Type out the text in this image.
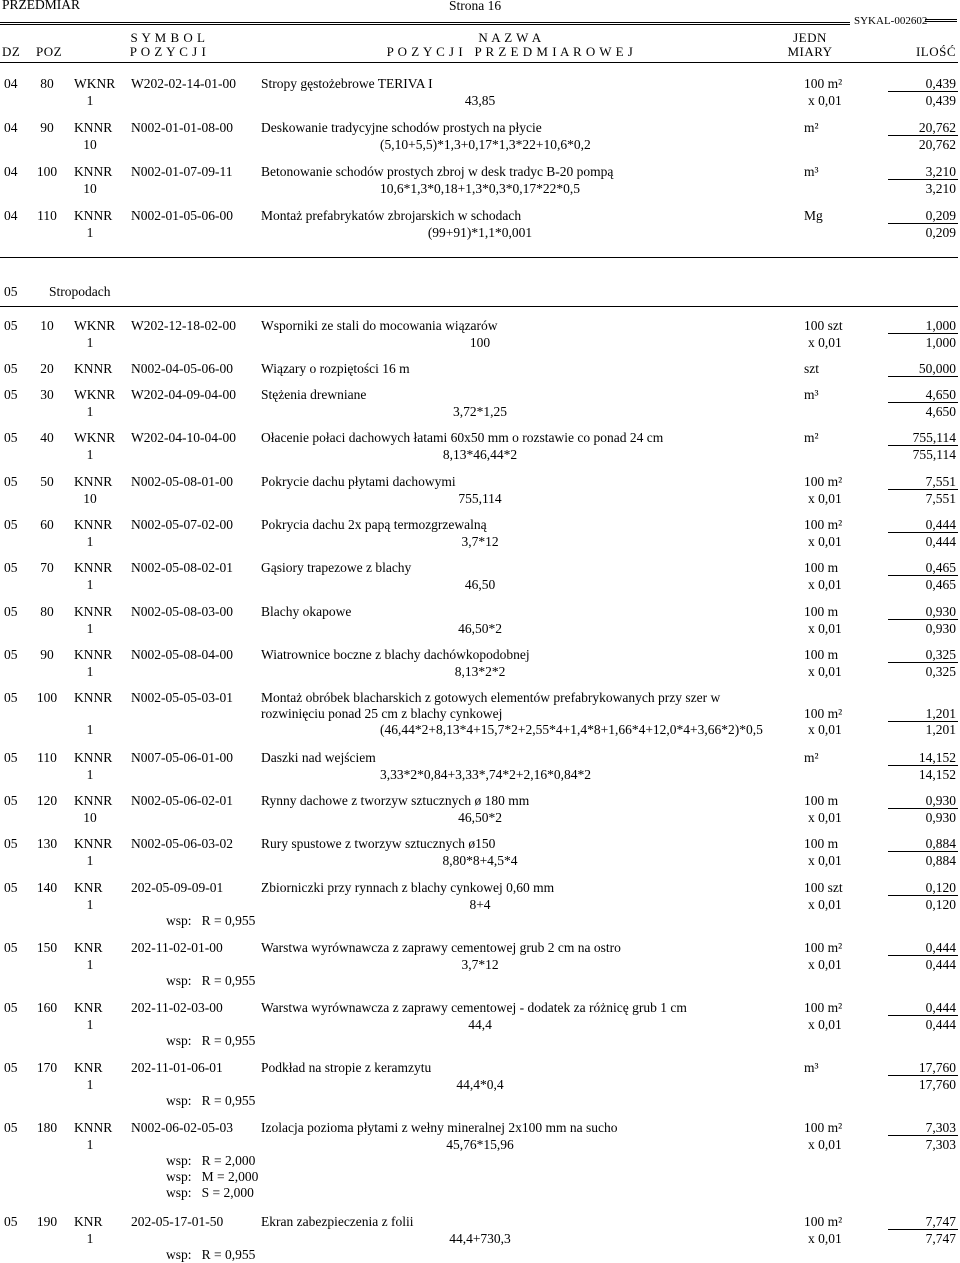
PRZEDMIAR	Strona 16
SYKAL-002602
S Y M B O L
P O Z Y C J I
N A Z W A
P O Z Y C J I   P R Z E D M I A R O W E J
JEDN
MIARY
DZ POZ	ILOŚĆ
04	80	WKNR W202-02-14-01-00 Stropy gęstożebrowe TERIVA I	100 m²	0,439
1	43,85	x 0,01	0,439
04	90	KNNR N002-01-01-08-00 Deskowanie tradycyjne schodów prostych na płycie	m²	20,762
10	(5,10+5,5)*1,3+0,17*1,3*22+10,6*0,2	20,762
04	100	KNNR N002-01-07-09-11 Betonowanie schodów prostych zbroj w desk tradyc B-20 pompą	m³	3,210
10	10,6*1,3*0,18+1,3*0,3*0,17*22*0,5	3,210
04	110	KNNR N002-01-05-06-00 Montaż prefabrykatów zbrojarskich w schodach	Mg	0,209
1	(99+91)*1,1*0,001	0,209
05 Stropodach
05	10	WKNR W202-12-18-02-00 Wsporniki ze stali do mocowania wiązarów	100 szt	1,000
1	100	x 0,01	1,000
05	20	KNNR N002-04-05-06-00 Wiązary o rozpiętości 16 m	szt	50,000
05	30	WKNR W202-04-09-04-00 Stężenia drewniane	m³	4,650
1	3,72*1,25	4,650
05	40	WKNR W202-04-10-04-00 Ołacenie połaci dachowych łatami 60x50 mm o rozstawie co ponad 24 cm	m²	755,114
1	8,13*46,44*2	755,114
05	50	KNNR N002-05-08-01-00 Pokrycie dachu płytami dachowymi	100 m²	7,551
10	755,114	x 0,01	7,551
05	60	KNNR N002-05-07-02-00 Pokrycia dachu 2x papą termozgrzewalną	100 m²	0,444
1	3,7*12	x 0,01	0,444
05	70	KNNR N002-05-08-02-01 Gąsiory trapezowe z blachy	100 m	0,465
1	46,50	x 0,01	0,465
05	80	KNNR N002-05-08-03-00 Blachy okapowe	100 m	0,930
1	46,50*2	x 0,01	0,930
05	90	KNNR N002-05-08-04-00 Wiatrownice boczne z blachy dachówkopodobnej	100 m	0,325
1	8,13*2*2	x 0,01	0,325
05	100	KNNR N002-05-05-03-01 Montaż obróbek blacharskich z gotowych elementów prefabrykowanych przy szer w
rozwinięciu ponad 25 cm z blachy cynkowej	100 m²	1,201
1	(46,44*2+8,13*4+15,7*2+2,55*4+1,4*8+1,66*4+12,0*4+3,66*2)*0,5	x 0,01	1,201
05	110	KNNR N007-05-06-01-00 Daszki nad wejściem	m²	14,152
1	3,33*2*0,84+3,33*,74*2+2,16*0,84*2	14,152
05	120	KNNR N002-05-06-02-01 Rynny dachowe z tworzyw sztucznych ø 180 mm	100 m	0,930
10	46,50*2	x 0,01	0,930
05	130	KNNR N002-05-06-03-02 Rury spustowe z tworzyw sztucznych ø150	100 m	0,884
1	8,80*8+4,5*4	x 0,01	0,884
05	140	KNR 202-05-09-09-01	Zbiorniczki przy rynnach z blachy cynkowej 0,60 mm	100 szt	0,120
1	8+4	x 0,01	0,120
wsp:   R = 0,955
05	150	KNR 202-11-02-01-00	Warstwa wyrównawcza z zaprawy cementowej grub 2 cm na ostro	100 m²	0,444
1	3,7*12	x 0,01	0,444
wsp:   R = 0,955
05	160	KNR 202-11-02-03-00	Warstwa wyrównawcza z zaprawy cementowej - dodatek za różnicę grub 1 cm	100 m²	0,444
1	44,4	x 0,01	0,444
wsp:   R = 0,955
05	170	KNR 202-11-01-06-01	Podkład na stropie z keramzytu	m³	17,760
1	44,4*0,4	17,760
wsp:   R = 0,955
05	180	KNNR N002-06-02-05-03 Izolacja pozioma płytami z wełny mineralnej 2x100 mm na sucho	100 m²	7,303
1	45,76*15,96	x 0,01	7,303
wsp:   R = 2,000
wsp:   M = 2,000
wsp:   S = 2,000
05	190	KNR 202-05-17-01-50	Ekran zabezpieczenia z folii	100 m²	7,747
1	44,4+730,3	x 0,01	7,747
wsp:   R = 0,955
